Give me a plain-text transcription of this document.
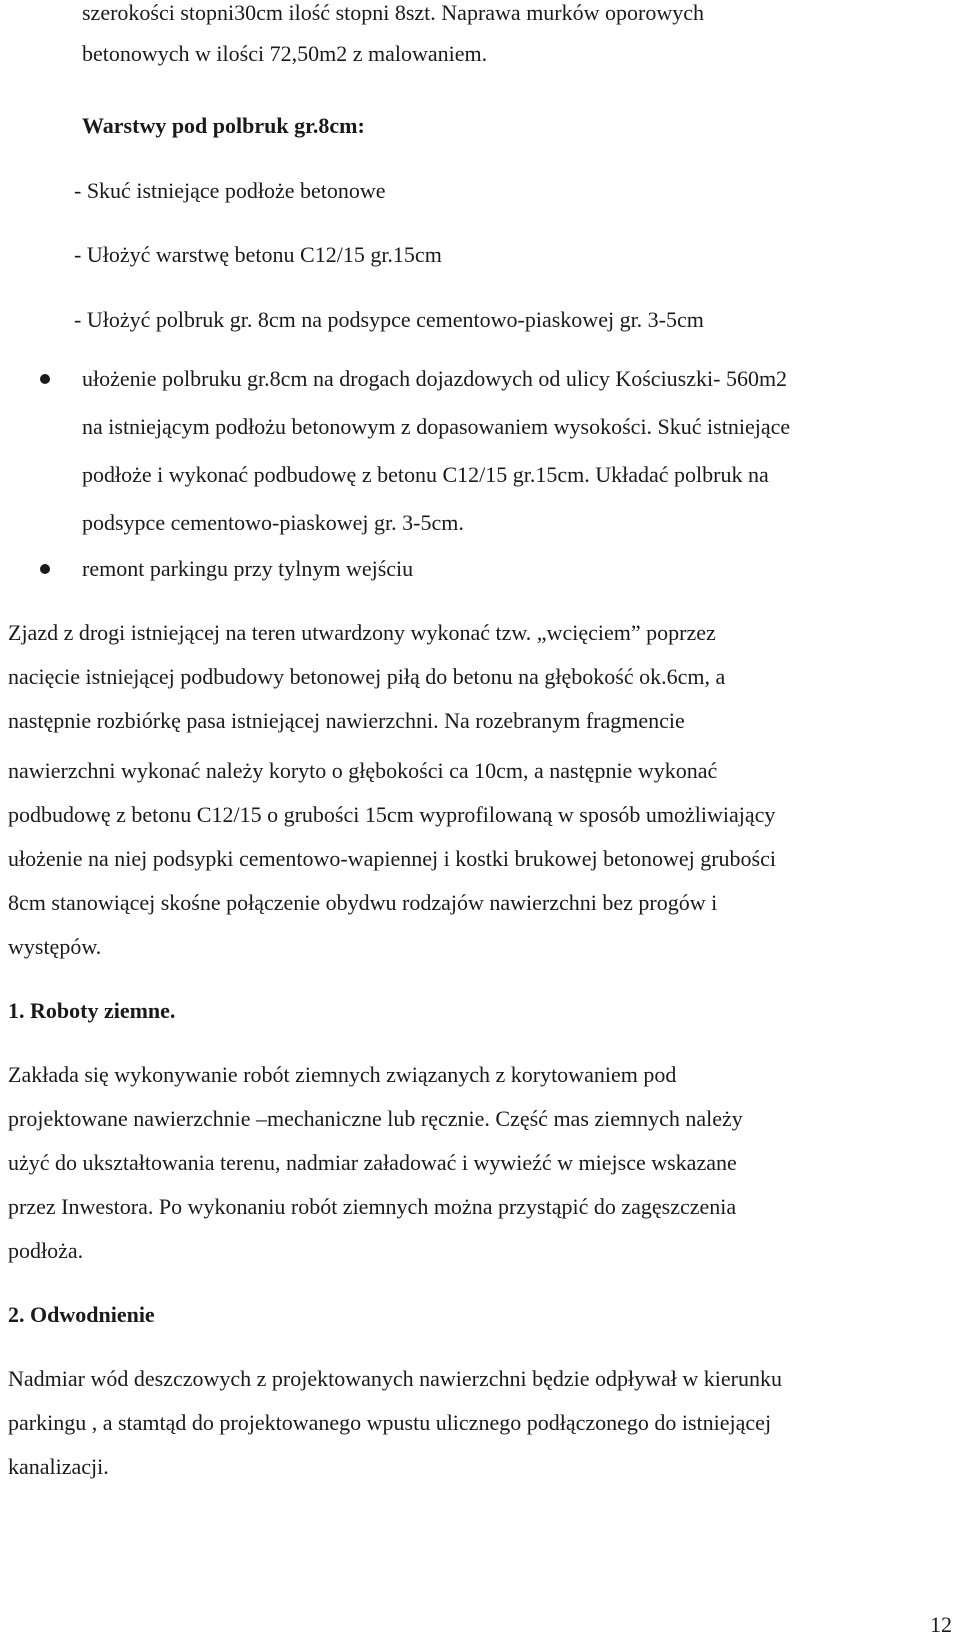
szerokości stopni30cm ilość stopni 8szt. Naprawa murków oporowych
betonowych w ilości 72,50m2 z malowaniem.
Warstwy pod polbruk gr.8cm:
- Skuć istniejące podłoże betonowe
- Ułożyć warstwę betonu C12/15 gr.15cm
- Ułożyć polbruk gr. 8cm na podsypce cementowo-piaskowej gr. 3-5cm
ułożenie polbruku gr.8cm na drogach dojazdowych od ulicy Kościuszki- 560m2
na istniejącym podłożu betonowym z dopasowaniem wysokości. Skuć istniejące
podłoże i wykonać podbudowę z betonu C12/15 gr.15cm. Układać polbruk na
podsypce cementowo-piaskowej gr. 3-5cm.
remont parkingu przy tylnym wejściu
Zjazd z drogi istniejącej na teren utwardzony wykonać tzw. „wcięciem” poprzez
nacięcie istniejącej podbudowy betonowej piłą do betonu na głębokość ok.6cm, a
następnie rozbiórkę pasa istniejącej nawierzchni. Na rozebranym fragmencie
nawierzchni wykonać należy koryto o głębokości ca 10cm, a następnie wykonać
podbudowę z betonu C12/15 o grubości 15cm wyprofilowaną w sposób umożliwiający
ułożenie na niej podsypki cementowo-wapiennej i kostki brukowej betonowej grubości
8cm stanowiącej skośne połączenie obydwu rodzajów nawierzchni bez progów i
występów.
1. Roboty ziemne.
Zakłada się wykonywanie robót ziemnych związanych z korytowaniem pod
projektowane nawierzchnie –mechaniczne lub ręcznie. Część mas ziemnych należy
użyć do ukształtowania terenu, nadmiar załadować i wywieźć w miejsce wskazane
przez Inwestora. Po wykonaniu robót ziemnych można przystąpić do zagęszczenia
podłoża.
2. Odwodnienie
Nadmiar wód deszczowych z projektowanych nawierzchni będzie odpływał w kierunku
parkingu , a stamtąd do projektowanego wpustu ulicznego podłączonego do istniejącej
kanalizacji.
12
